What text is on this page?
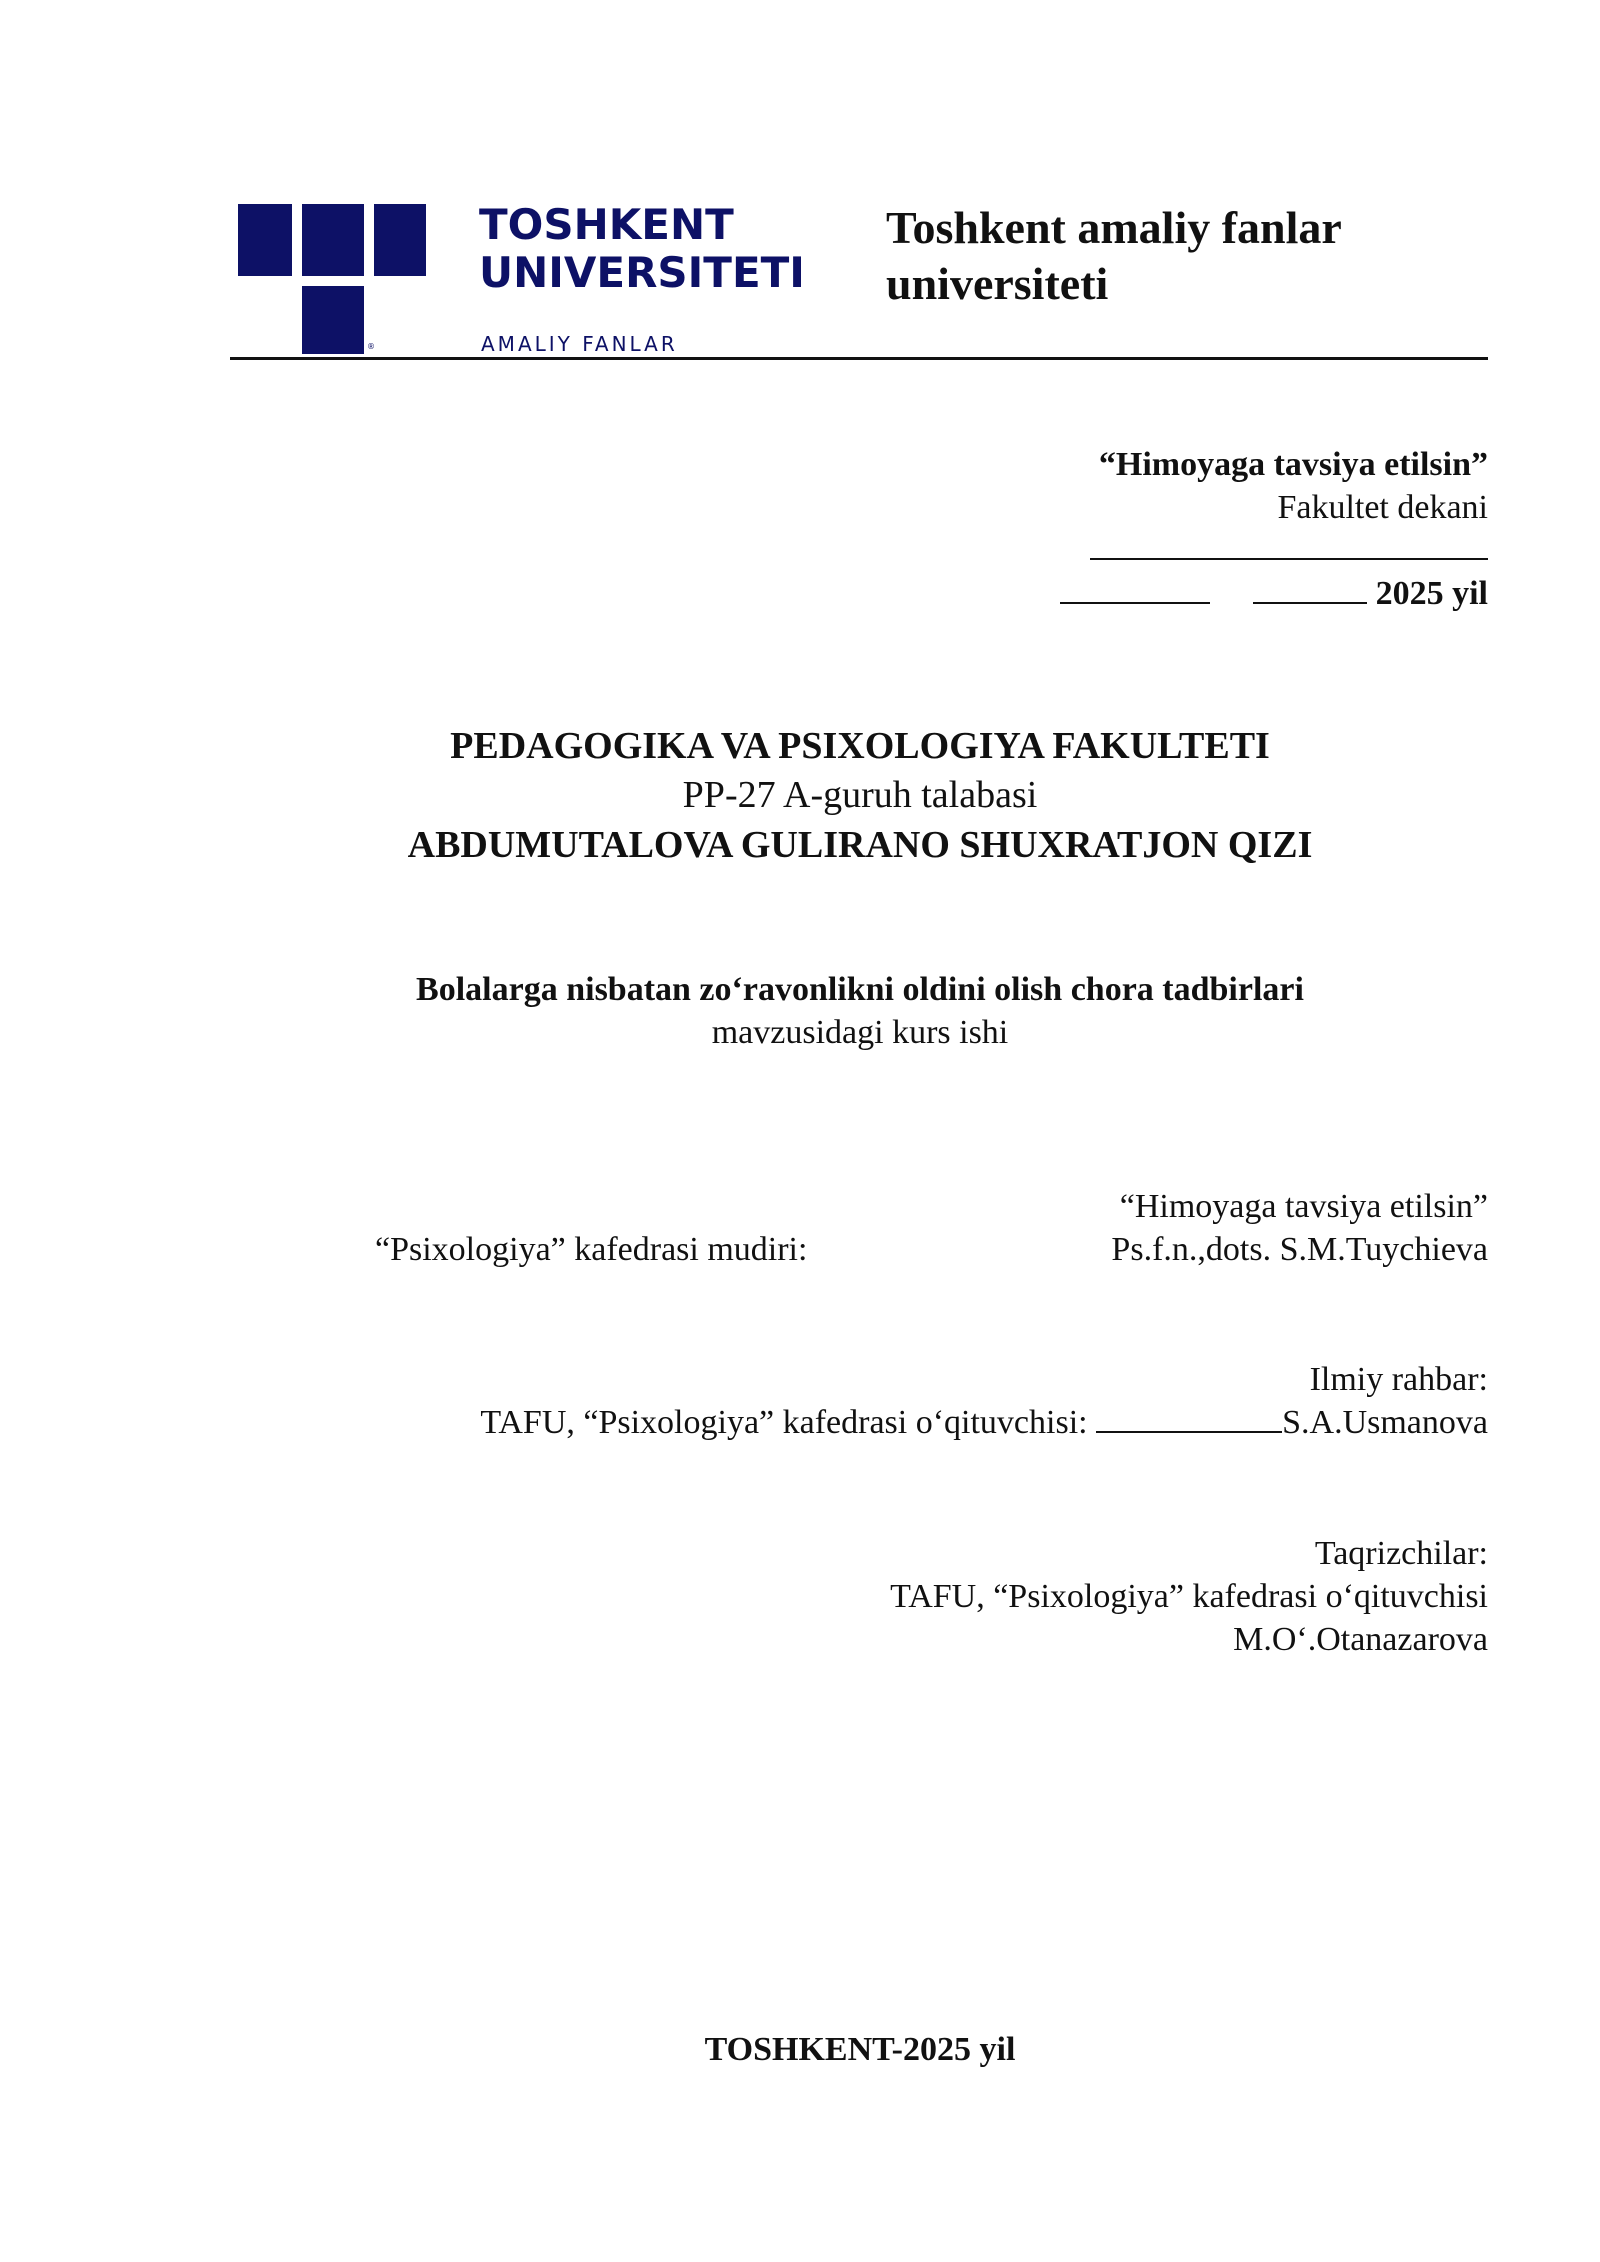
®
TOSHKENT
UNIVERSITETI
AMALIY FANLAR
Toshkent amaliy fanlar universiteti
“Himoyaga tavsiya etilsin”
Fakultet dekani
2025 yil
PEDAGOGIKA VA PSIXOLOGIYA FAKULTETI
PP-27 A-guruh talabasi
ABDUMUTALOVA GULIRANO SHUXRATJON QIZI
Bolalarga nisbatan zoʻravonlikni oldini olish chora tadbirlari
mavzusidagi kurs ishi
“Himoyaga tavsiya etilsin”
“Psixologiya” kafedrasi mudiri:	Ps.f.n.,dots. S.M.Tuychieva
Ilmiy rahbar:
TAFU, “Psixologiya” kafedrasi oʻqituvchisi:	S.A.Usmanova
Taqrizchilar:
TAFU, “Psixologiya” kafedrasi oʻqituvchisi
M.Oʻ.Otanazarova
TOSHKENT-2025 yil
